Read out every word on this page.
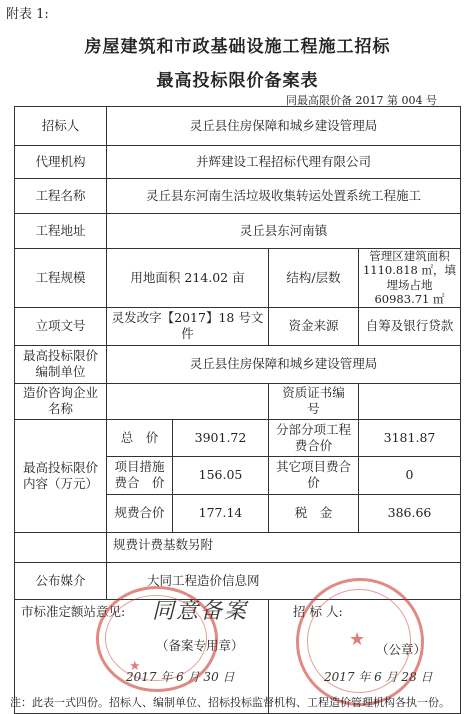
附表 1:
房屋建筑和市政基础设施工程施工招标
最高投标限价备案表
同最高限价备 2017 第 004 号
招标人	灵丘县住房保障和城乡建设管理局			
代理机构	并辉建设工程招标代理有限公司			
工程名称	灵丘县东河南生活垃圾收集转运处置系统工程施工			
工程地址	灵丘县东河南镇			
工程规模	用地面积 214.02 亩		结构/层数	管理区建筑面积 1110.818 ㎡，填埋场占地 60983.71 ㎡
立项文号	灵发改字【2017】18 号文件		资金来源	自筹及银行贷款
最高投标限价编制单位	灵丘县住房保障和城乡建设管理局			
造价咨询企业名称			资质证书编　号	
最高投标限价内容（万元）	总　价	3901.72	分部分项工程费合价	3181.87
	项目措施费合　价	156.05	其它项目费合　价	0
	规费合价	177.14	税　金	386.66
	规费计费基数另附			
公布媒介	大同工程造价信息网			
市标准定额站意见:			招 标 人:	
同意备案
（备案专用章）
2017 年 6 月 30 日
（公章）
2017 年 6 月 28 日
★
★
注：此表一式四份。招标人、编制单位、招标投标监督机构、工程造价管理机构各执一份。
